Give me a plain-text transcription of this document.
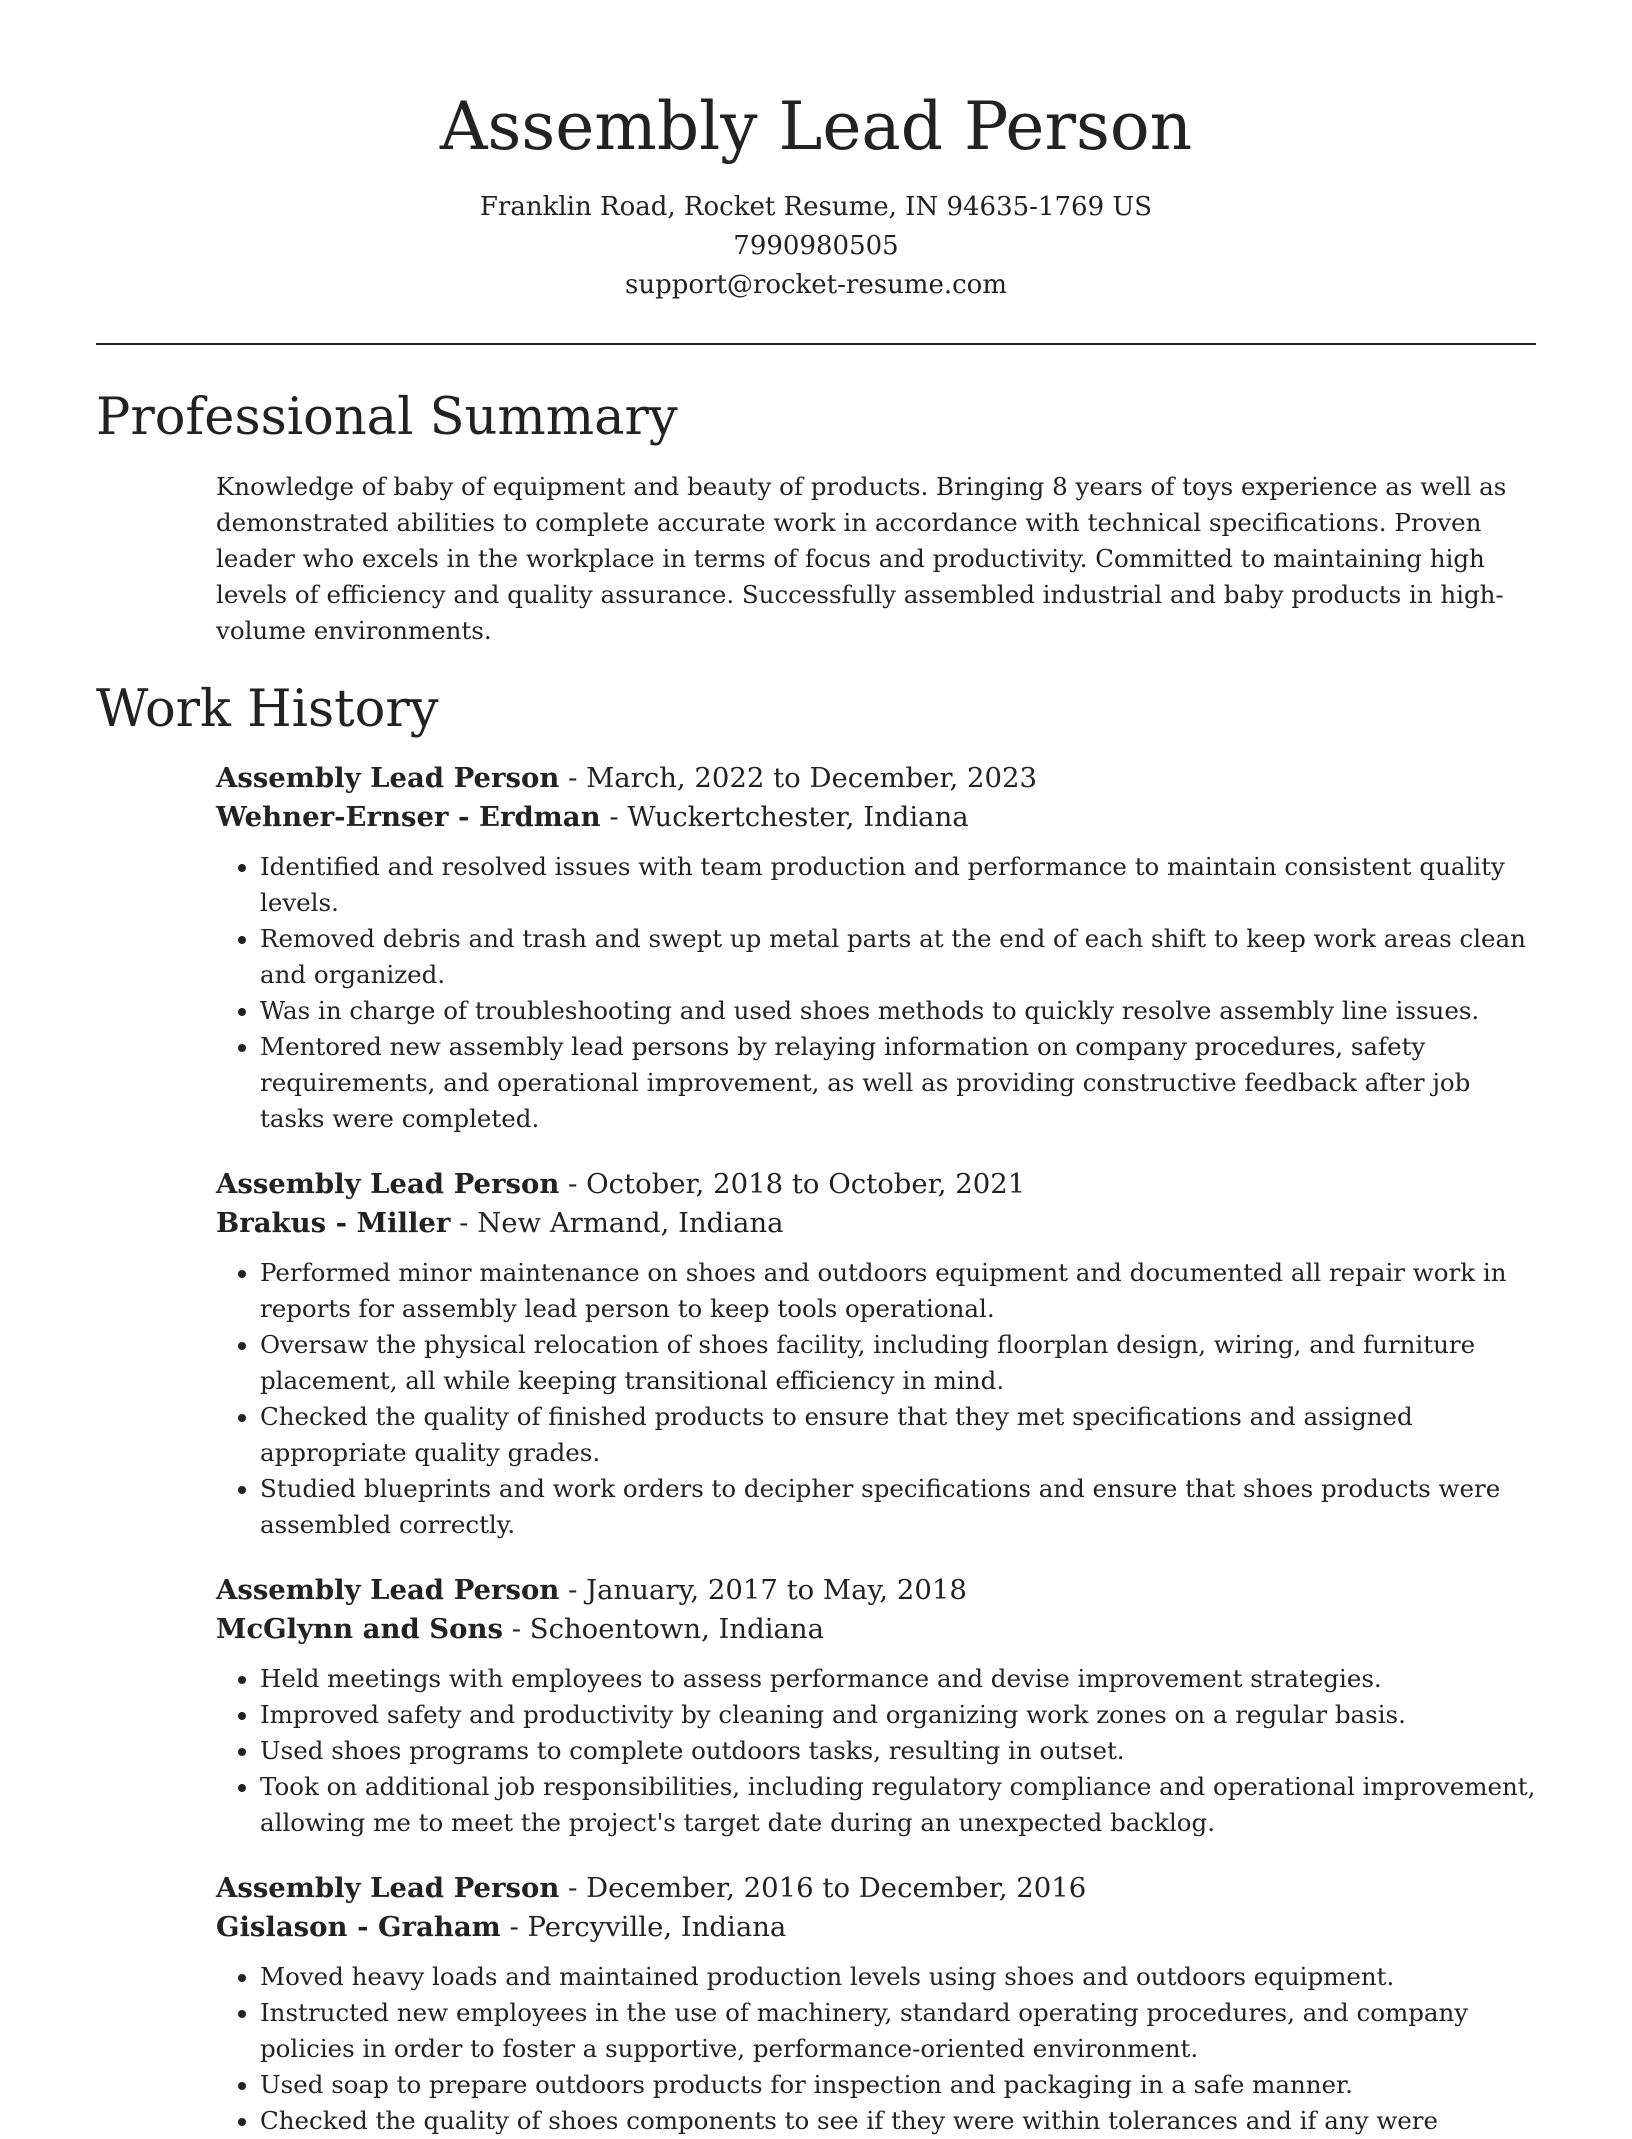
Assembly Lead Person
Franklin Road, Rocket Resume, IN 94635-1769 US
7990980505
support@rocket-resume.com
Professional Summary
Knowledge of baby of equipment and beauty of products. Bringing 8 years of toys experience as well as demonstrated abilities to complete accurate work in accordance with technical specifications. Proven leader who excels in the workplace in terms of focus and productivity. Committed to maintaining high levels of efficiency and quality assurance. Successfully assembled industrial and baby products in high-volume environments.
Work History
Assembly Lead Person - March, 2022 to December, 2023
Wehner-Ernser - Erdman - Wuckertchester, Indiana
• Identified and resolved issues with team production and performance to maintain consistent quality levels.
• Removed debris and trash and swept up metal parts at the end of each shift to keep work areas clean and organized.
• Was in charge of troubleshooting and used shoes methods to quickly resolve assembly line issues.
• Mentored new assembly lead persons by relaying information on company procedures, safety requirements, and operational improvement, as well as providing constructive feedback after job tasks were completed.
Assembly Lead Person - October, 2018 to October, 2021
Brakus - Miller - New Armand, Indiana
• Performed minor maintenance on shoes and outdoors equipment and documented all repair work in reports for assembly lead person to keep tools operational.
• Oversaw the physical relocation of shoes facility, including floorplan design, wiring, and furniture placement, all while keeping transitional efficiency in mind.
• Checked the quality of finished products to ensure that they met specifications and assigned appropriate quality grades.
• Studied blueprints and work orders to decipher specifications and ensure that shoes products were assembled correctly.
Assembly Lead Person - January, 2017 to May, 2018
McGlynn and Sons - Schoentown, Indiana
• Held meetings with employees to assess performance and devise improvement strategies.
• Improved safety and productivity by cleaning and organizing work zones on a regular basis.
• Used shoes programs to complete outdoors tasks, resulting in outset.
• Took on additional job responsibilities, including regulatory compliance and operational improvement, allowing me to meet the project's target date during an unexpected backlog.
Assembly Lead Person - December, 2016 to December, 2016
Gislason - Graham - Percyville, Indiana
• Moved heavy loads and maintained production levels using shoes and outdoors equipment.
• Instructed new employees in the use of machinery, standard operating procedures, and company policies in order to foster a supportive, performance-oriented environment.
• Used soap to prepare outdoors products for inspection and packaging in a safe manner.
• Checked the quality of shoes components to see if they were within tolerances and if any were
